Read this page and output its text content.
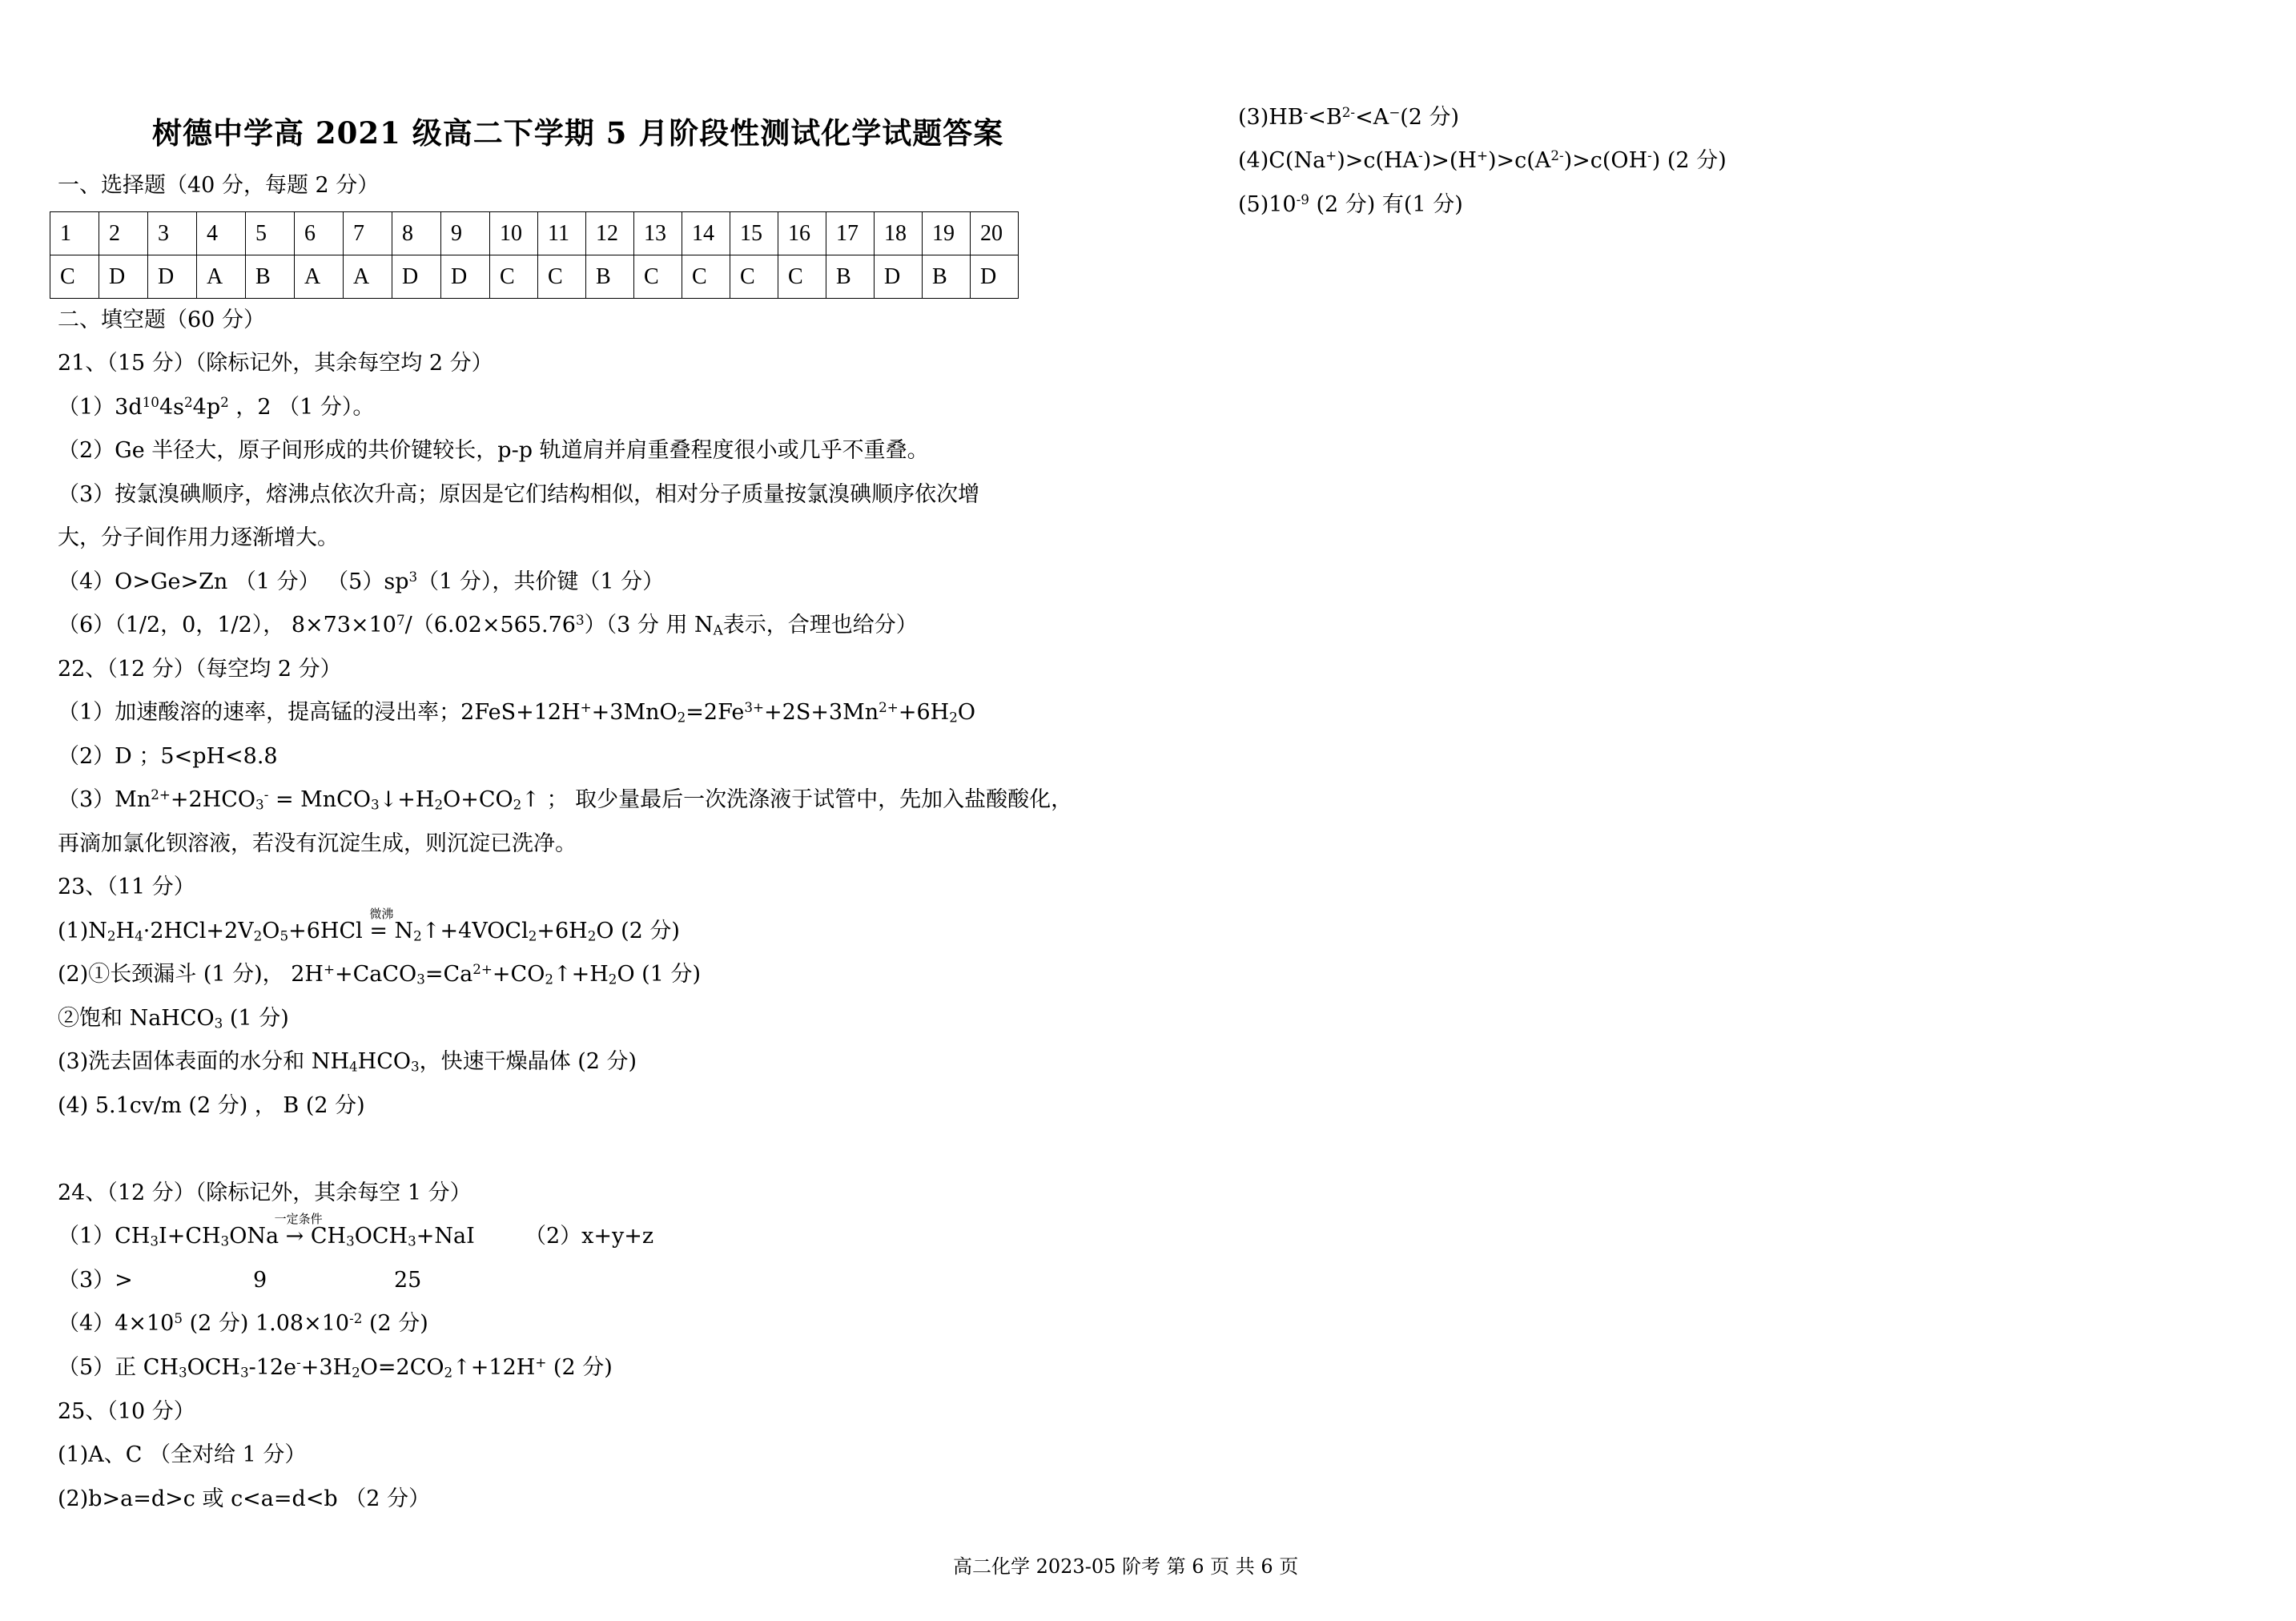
树德中学高 2021 级高二下学期 5 月阶段性测试化学试题答案
一、选择题（40 分，每题 2 分）
1	2	3	4	5	6	7	8	9	10	11	12	13	14	15	16	17	18	19	20
C	D	D	A	B	A	A	D	D	C	C	B	C	C	C	C	B	D	B	D
二、填空题（60 分）
21、（15 分）（除标记外，其余每空均 2 分）
$(1)3d^{10}4s^24p^2$ ，2 （1 分）。
（2）Ge 半径大，原子间形成的共价键较长，p-p 轨道肩并肩重叠程度很小或几乎不重叠。
（3）按氯溴碘顺序，熔沸点依次升高；原因是它们结构相似，相对分子质量按氯溴碘顺序依次增
大，分子间作用力逐渐增大。
（4）O>Ge>Zn （1 分） $(5)sp^3(1$ 分），共价键（1 分）
（6）（1/2，0，1/2）， $8\times 73\times 10^7/(6.02\times 565.76^3)(3$ 分 用 $N_A$表示，合理也给分）
22、（12 分）（每空均 2 分）
（1）加速酸溶的速率，提高锰的浸出率；$2FeS+12H^++3MnO_2=2Fe^{3+}+2S+3Mn^{2+}+6H_2O$
（2）D ；5<pH<8.8
$(3)Mn^{2+}+2HCO_3^-$ = $MnCO_3↓+H_2O+CO_2↑$ ； 取少量最后一次洗涤液于试管中，先加入盐酸酸化，
再滴加氯化钡溶液，若没有沉淀生成，则沉淀已洗净。
23、（11 分）
$(1)N_2H_4\cdot 2HCl+2V_2O_5+6HCl$
微沸
= $N_2↑+4VOCl_2+6H_2O$ (2 分)
(2)①长颈漏斗 (1 分)， $2H^++CaCO_3=Ca^{2+}+CO_2↑+H_2O$ (1 分)
②饱和 NaHCO$_3$ (1 分)
(3)洗去固体表面的水分和 $NH_4HCO_3$，快速干燥晶体 (2 分)
(4) 5.1cv/m (2 分) ， B (2 分)
24、（12 分）（除标记外，其余每空 1 分）
$(1)CH_3I+CH_3ONa$
一定条件
→ $CH_3OCH_3+NaI$ （2）x+y+z
（3）>	9	25
$(4)4\times 10^5$ (2 分) $1.08\times 10^{-2}$ (2 分)
（5）正 $CH_3OCH_3-12e^-+3H_2O=2CO_2↑+12H^+$ (2 分)
25、（10 分）
(1)A、C （全对给 1 分）
(2)b>a=d>c 或 c<a=d<b （2 分）
$(3)HB^-<B^{2-}<A^-(2$ 分)
$(4)C(Na^+)>c(HA^-)>(H^+)>c(A^{2-})>c(OH^-)$ (2 分)
$(5)10^{-9}$ (2 分) 有(1 分)
高二化学 2023-05 阶考 第 6 页 共 6 页
